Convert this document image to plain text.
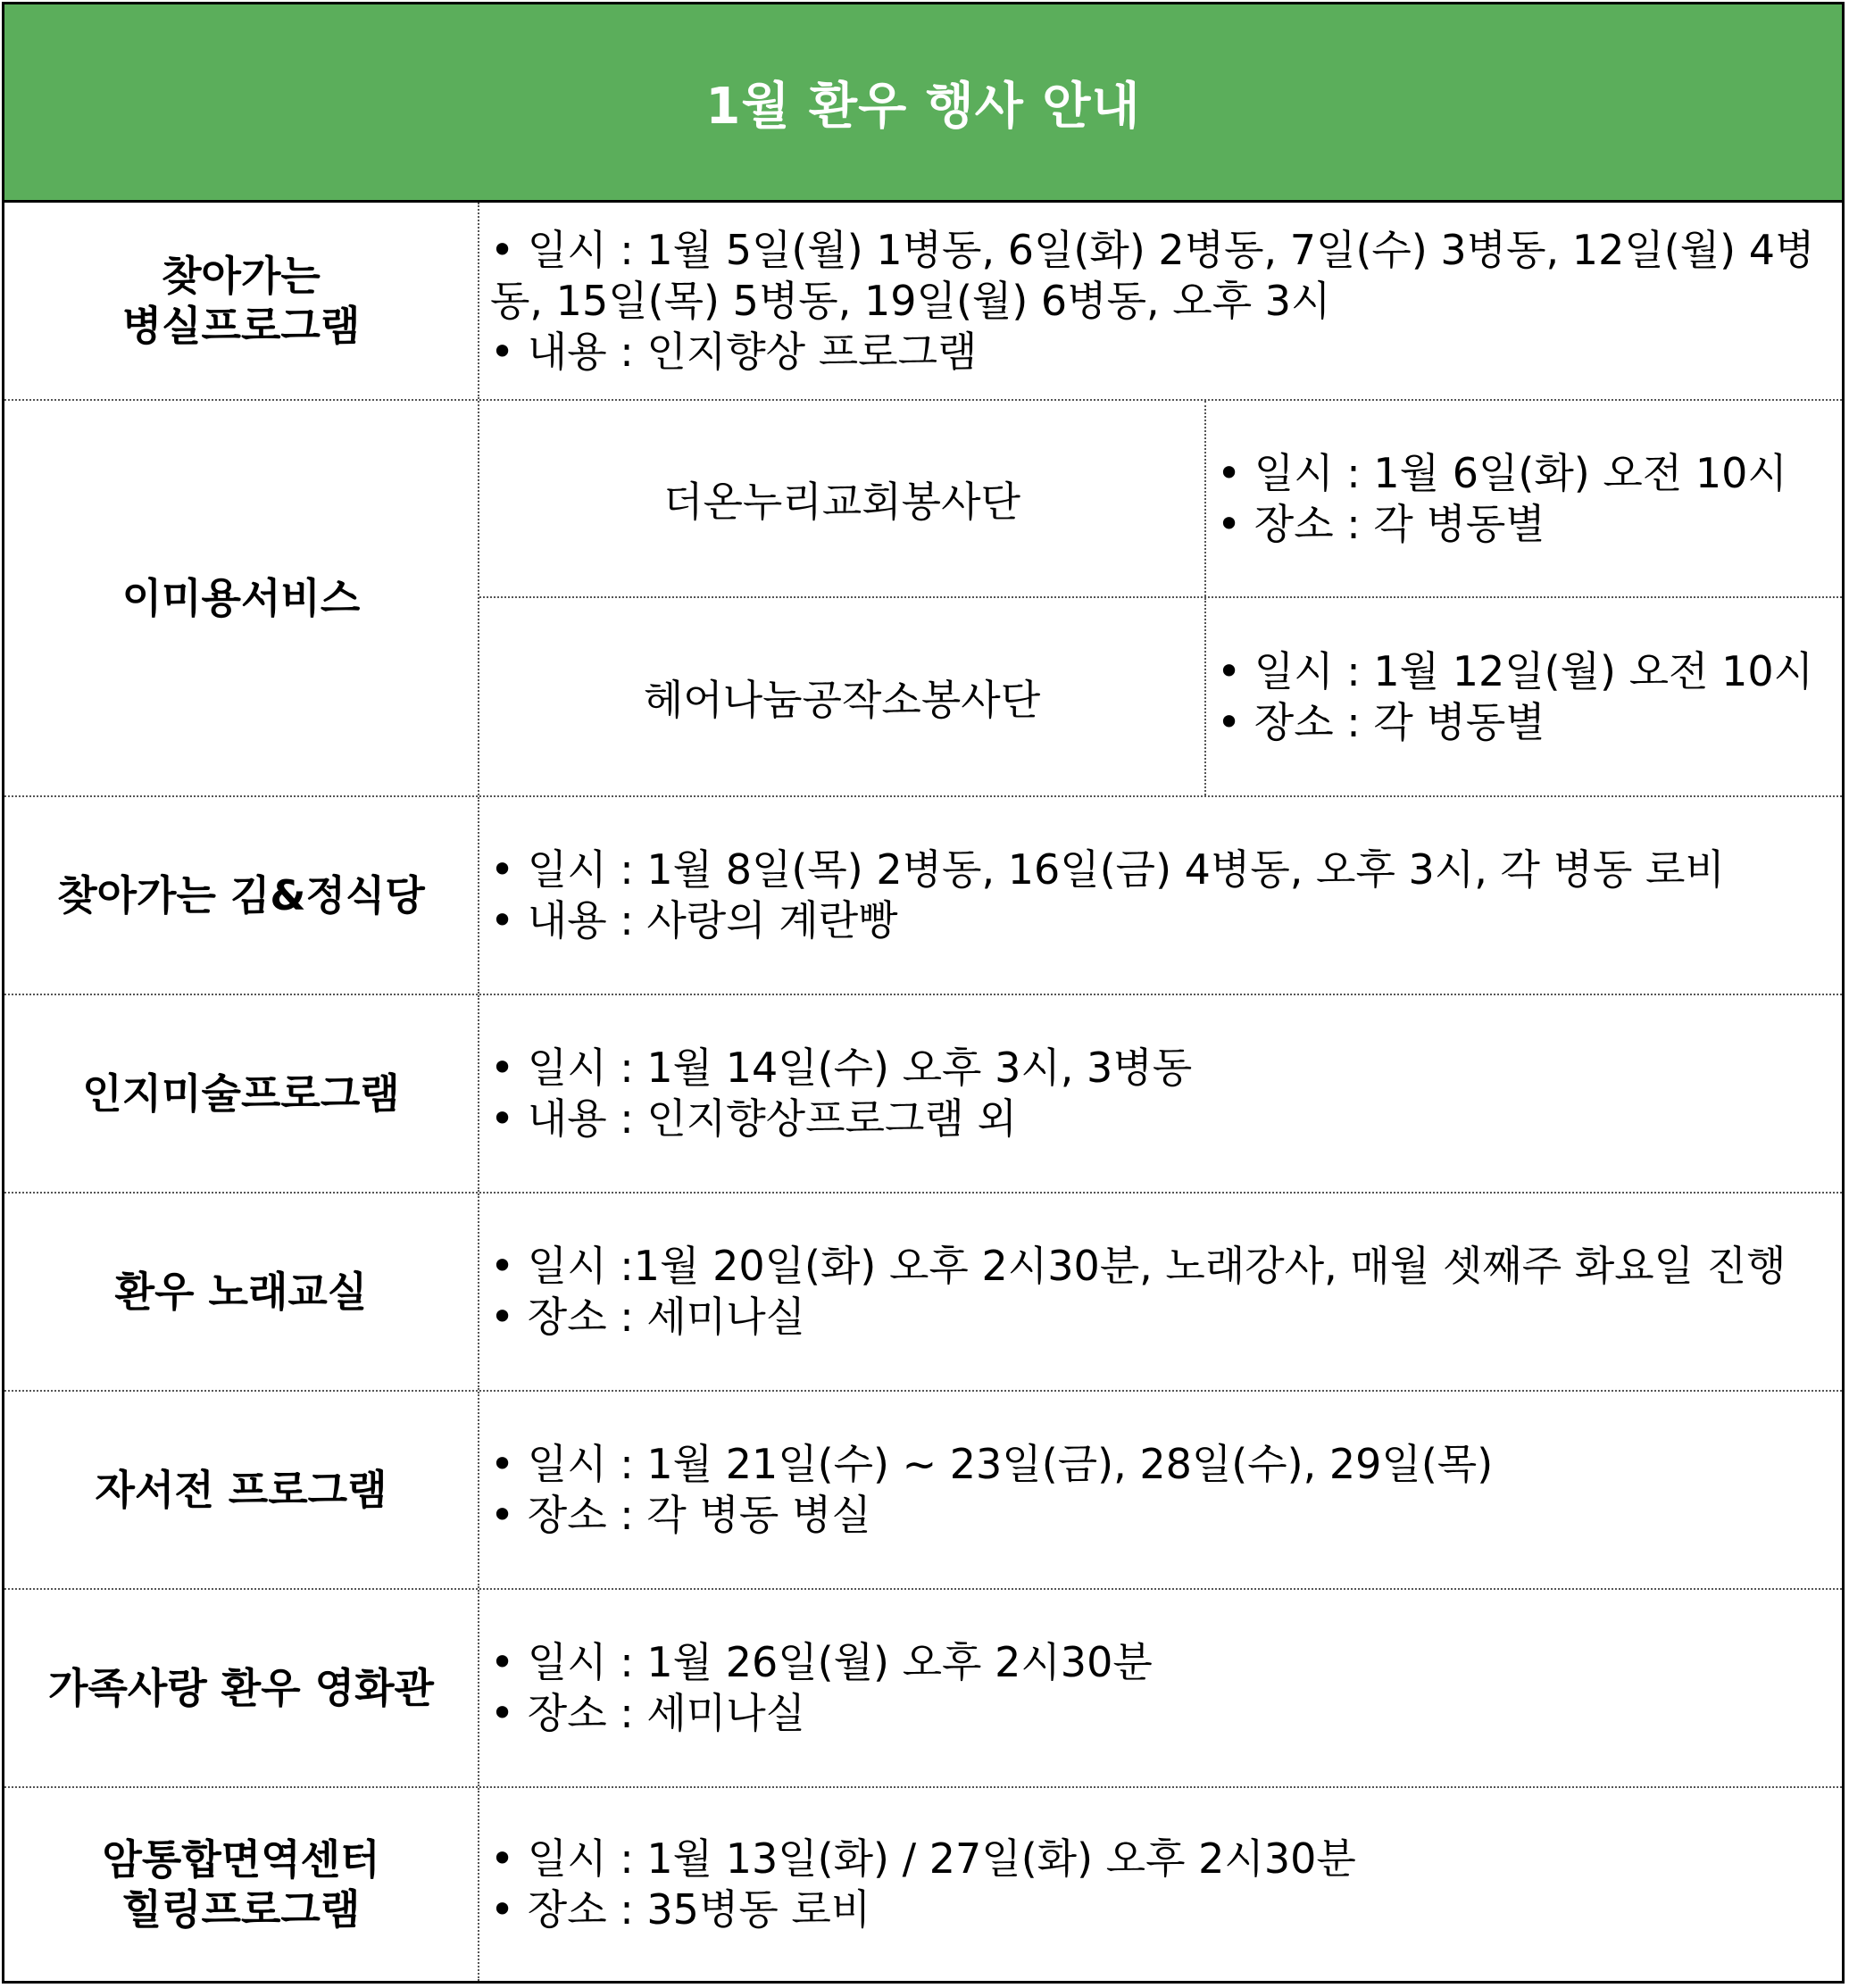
1월 환우 행사 안내
찾아가는
병실프로그램

• 일시 : 1월 5일(월) 1병동, 6일(화) 2병동, 7일(수) 3병동, 12일(월) 4병동, 15일(목) 5병동, 19일(월) 6병동, 오후 3시

• 내용 : 인지향상 프로그램

이미용서비스
더온누리교회봉사단

• 일시 : 1월 6일(화) 오전 10시

• 장소 : 각 병동별

헤어나눔공작소봉사단

• 일시 : 1월 12일(월) 오전 10시

• 장소 : 각 병동별

찾아가는 김&정식당

• 일시 : 1월 8일(목) 2병동, 16일(금) 4병동, 오후 3시, 각 병동 로비

• 내용 : 사랑의 계란빵

인지미술프로그램

• 일시 : 1월 14일(수) 오후 3시, 3병동

• 내용 : 인지향상프로그램 외

환우 노래교실

• 일시 :1월 20일(화) 오후 2시30분, 노래강사, 매월 셋째주 화요일 진행

• 장소 : 세미나실

자서전 프로그램

• 일시 : 1월 21일(수) ~ 23일(금), 28일(수), 29일(목)

• 장소 : 각 병동 병실

가족사랑 환우 영화관

• 일시 : 1월 26일(월) 오후 2시30분

• 장소 : 세미나실

암통합면역센터
힐링프로그램

• 일시 : 1월 13일(화) / 27일(화) 오후 2시30분

• 장소 : 35병동 로비
